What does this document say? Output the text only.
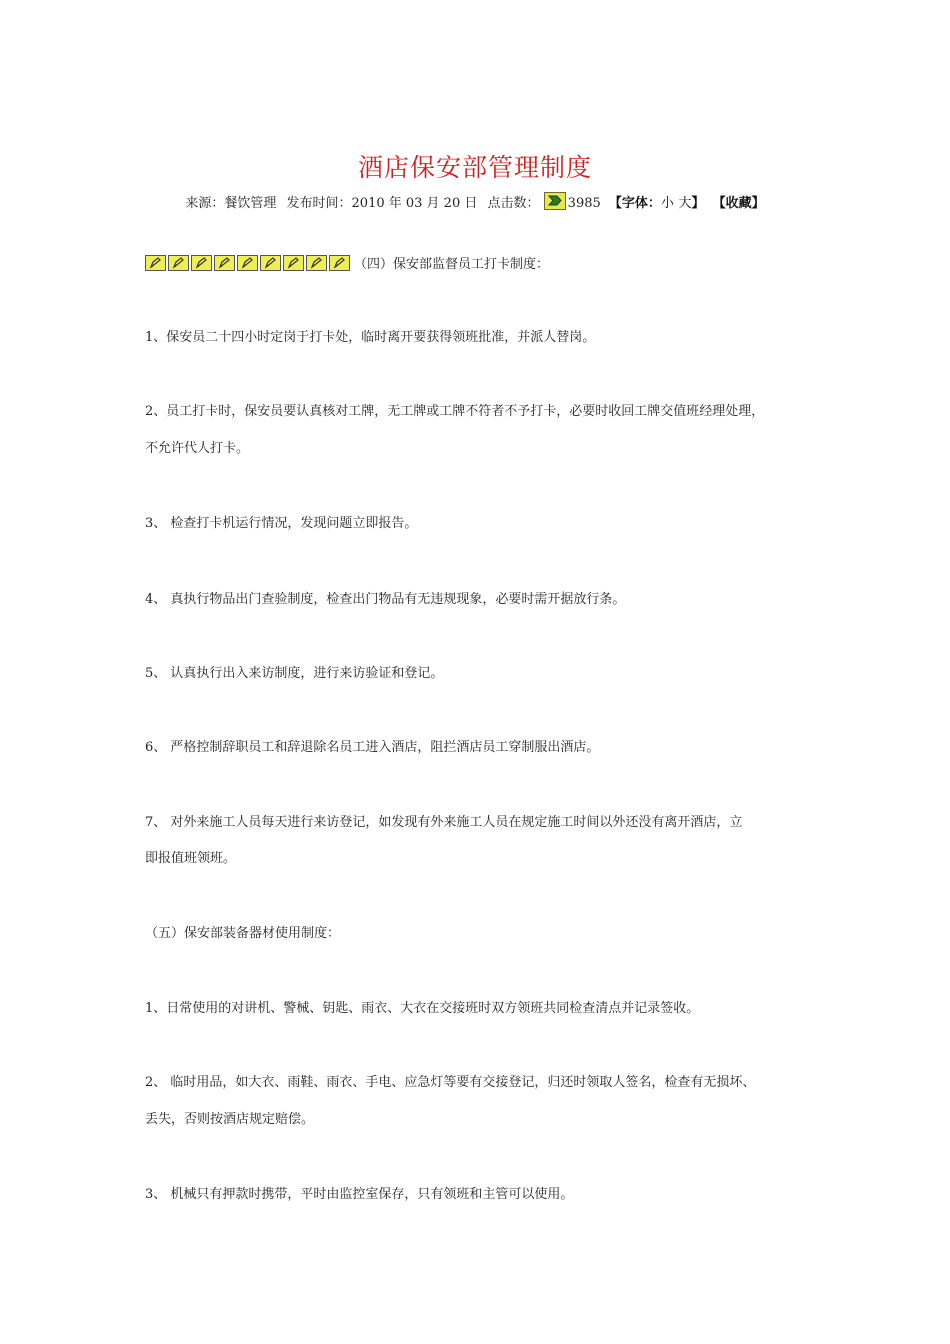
酒店保安部管理制度
来源：餐饮管理 发布时间：2010 年 03 月 20 日 点击数： 3985 【字体：小 大】 【收藏】
（四）保安部监督员工打卡制度：
1、保安员二十四小时定岗于打卡处，临时离开要获得领班批准，并派人替岗。
2、员工打卡时，保安员要认真核对工牌，无工牌或工牌不符者不予打卡，必要时收回工牌交值班经理处理，
不允许代人打卡。
3、 检查打卡机运行情况，发现问题立即报告。
4、 真执行物品出门查验制度，检查出门物品有无违规现象，必要时需开据放行条。
5、 认真执行出入来访制度，进行来访验证和登记。
6、 严格控制辞职员工和辞退除名员工进入酒店，阻拦酒店员工穿制服出酒店。
7、 对外来施工人员每天进行来访登记，如发现有外来施工人员在规定施工时间以外还没有离开酒店，立
即报值班领班。
（五）保安部装备器材使用制度：
1、日常使用的对讲机、警械、钥匙、雨衣、大衣在交接班时双方领班共同检查清点并记录签收。
2、 临时用品，如大衣、雨鞋、雨衣、手电、应急灯等要有交接登记，归还时领取人签名，检查有无损坏、
丢失，否则按酒店规定赔偿。
3、 机械只有押款时携带，平时由监控室保存，只有领班和主管可以使用。
